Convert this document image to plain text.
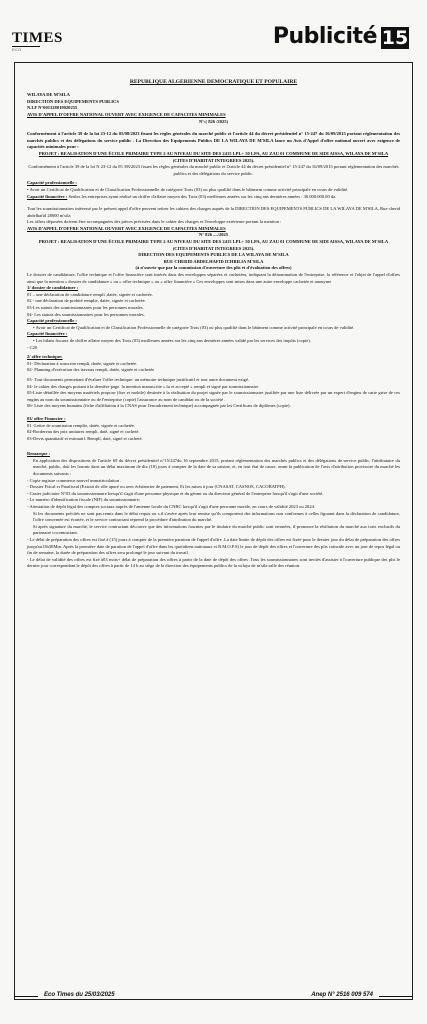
TIMES
ECO
Publicité 15

REPUBLIQUE ALGERIENNE DEMOCRATIQUE ET POPULAIRE

WILAYA DE M'SILA

DIRECTION DES EQUIPEMENTS PUBLICS

N.I.F N°001328019020255

AVIS D'APPEL D'OFFRE NATIONAL OUVERT AVEC EXIGENCE DE CAPACITES MINIMALES

N°:( 826 /2025)

Conformément à l'article 39 de la loi 23-12 du 05/08/2023 fixant les règles générales du marché public et l'article 44 du décret présidentiel n° 15-247 du 16/09/2015 portant réglementation des marchés publics et des délégations du service public . La Direction des Equipements Publics DE LA WILAYA DE M'SILA lance un Avis d'Appel d'offre national ouvert avec exigence de capacités minimales pour :

PROJET : REALISATION D'UNE ÉCOLE PRIMAIRE TYPE 2 AU NIVEAU DU SITE DES 2415 LPL+ 50 LPA, AU ZAU 01 COMMUNE DE SIDI AISSA, WILAYA DE M'SILA

(CITES D'HABITAT INTEGREES 2025).

Conformément à l'article 39 de la loi N 23-12 du 05 /08/2023 fixant les règles générales du marché public et l'article 44 du décret présidentiel n° 15-247 du 16/09/2015 portant réglementation des marchés publics et des délégations du service public.

Capacité professionnelle :

• Avoir un Certificat de Qualification et de Classification Professionnelle de catégorie Trois (03) ou plus qualifié dans le bâtiment comme activité principale en cours de validité.

Capacité financière : Seules les entreprises ayant réalisé un chiffre d'affaire moyen des Trois (03) meilleures années sur les cinq ans dernières années : 30.000.000.00 da.

Tout les soumissionnaires intéressé par le présent appel d'offre peuvent retirer les cahiers des charges auprès de la DIRECTION DES EQUIPEMENTS PUBLICS DE LA WILAYA DE M'SILA, Rue cherid abdelhafid 28000 m'sila

Les offres déposées doivent être accompagnées des pièces précisées dans le cahier des charges et l'enveloppe extérieure portant la mention :

AVIS D'APPEL D'OFFRE NATIONAL OUVERT AVEC EXIGENCE DE CAPACITES MINIMALES

N° 826 ..../2025

PROJET : REALISATION D'UNE ÉCOLE PRIMAIRE TYPE 2 AU NIVEAU DU SITE DES 2415 LPL+ 50 LPA, AU ZAU 01 COMMUNE DE SIDI AISSA, WILAYA DE M'SILA

(CITES D'HABITAT INTEGREES 2025).

DIRECTION DES EQUIPEMENTS PUBLICS DE LA WILAYA DE M'SILA

RUE CHERID ABDELHAFID ICHBILIA M'SILA

(à n'ouvrir que par la commission d'ouverture des plis et d'évaluation des offres)

Le dossier de candidature, l'offre technique et l'offre financière sont insérés dans des enveloppes séparées et cachetées, indiquant la dénomination de l'entreprise, la référence et l'objet de l'appel d'offres ainsi que la mention « dossier de candidature » ou « offre technique » ou « offre financière » Ces enveloppes sont mises dans une autre enveloppe cachetée et anonyme

1/ dossier de candidature :

01 – une déclaration de candidature rempli ,datée, signée et cachetée.

02 - une déclaration de probité remplie, datée, signée et cachetée.

03-Les statuts des soumissionnaires pour les personnes morales.

04- Les statuts des soumissionnaires pour les personnes morales.

Capacité professionnelle :

• Avoir un Certificat de Qualification et de Classification Professionnelle de catégorie Trois (03) ou plus qualifié dans le bâtiment comme activité principale en cours de validité.

Capacité financière :

• Les bilans fiscaux de chiffre affaire moyen des Trois (03) meilleures années sur les cinq ans dernières années validé par les services des impôts (copie).

- C20

2/ offre technique:

01- Déclaration à souscrire rempli, datée, signée et cachetée.

02- Planning d'exécution des travaux rempli, datée, signée et cachetée

03- Tout documents permettant d'évaluer l'offre technique: un mémoire technique justificatif et tout autre document exigé.

04- le cahier des charges portant à la dernière page. la mention manuscrite « lu et accepté » rempli et signé par soumissionnaire

05-Liste détaillée des moyens matériels propose (fixe et mobile) destinée à la réalisation du projet signée par le soumissionnaire justifiée par une liste délivrée par un expert d'engins de carte grise de ces engins au nom du soumissionnaire ou de l'entreprise (copie) l'assurance au nom de candidat ou de la société .

06- Liste des moyens humains (fiche d'affiliation à la CNAS pour l'encadrement technique) accompagnée par les Certificats de diplômes (copie).

03/ offre Financier :

01 -Lettre de soumission remplie, datée, signée et cachetée.

02-Bordereau des prix unitaires rempli, daté, signé et cacheté.

03-Devis quantitatif et estimatif. Rempli, daté, signé et cacheté.

Remarque :

En application des dispositions de l'article 69 du décret présidentiel n°15/247du 16 septembre 2015, portant réglementation des marchés publics et des délégations de service public, l'attributaire du marché, public, doit les fournir dans un délai maximum de dix (10) jours à compter de la date de sa saisine, et, en tout état de cause, avant la publication de l'avis d'attribution provisoire du marché les documents suivants :

- Copie registre commerce nouvel immatriculation .

- Dossier Fiscal et Parafiscal (Extrait de rôle apuré ou avec échéancier de paiement, Et les mises à jour (CNASAT, CASNOS, CACOBATPH).

- Casier judiciaire N°03 du soumissionnaire lorsqu'il s'agit d'une personne physique et du gérant ou du directeur général de l'entreprise lorsqu'il s'agit d'une société.

- Le numéro d'identification fiscale (NIF) du soumissionnaire;

- Attestation de dépôt légal des comptes sociaux auprès de l'antenne locale du CNRC lorsqu'il s'agit d'une personne morale, en cours de validité 2023 ou 2024.

Si les documents précités ne sont pas remis dans le délai requis ou s.il s'avère après leur remise qu'ils comportent des informations non conformes à celles figurant dans la déclaration de candidature, l'offre concernée est écartée, et le service contractant reprend la procédure d'attribution du marché.

Si après signature du marché, le service contractant découvre que des informations fournies par le titulaire du marché public sont erronées, il prononce la résiliation du marché aux torts exclusifs du partenaire cocontractant.

- Le délai de préparation des offres est fixé à (15) jours à compter de la première parution de l'appel d'offre .La date limite de dépôt des offres est fixée pour le dernier jour du délai de préparation des offres jusqu'au13h30Min. Après la première date de parution de l'appel d'offre dans les quotidiens nationaux et B.M.O.P.S) le jour de dépôt des offres et l'ouverture des plis coïncide avec un jour de repos légal ou fin de semaine, la durée de préparation des offres sera prolongé le jour suivant du travail.

- Le délai de validité des offres est fixé à03 mois+ délai de préparation des offres à partir de la date de dépôt des offres .Tous les soumissionnaires sont invités d'assister à l'ouverture publique des plis le dernier jour correspondant le dépôt des offres à partir de 14 h au siège de la direction des équipements publics de la wilaya de m'sila salle des réunion.

Eco Times du 25/03/2025	Anep N° 2516 009 574
